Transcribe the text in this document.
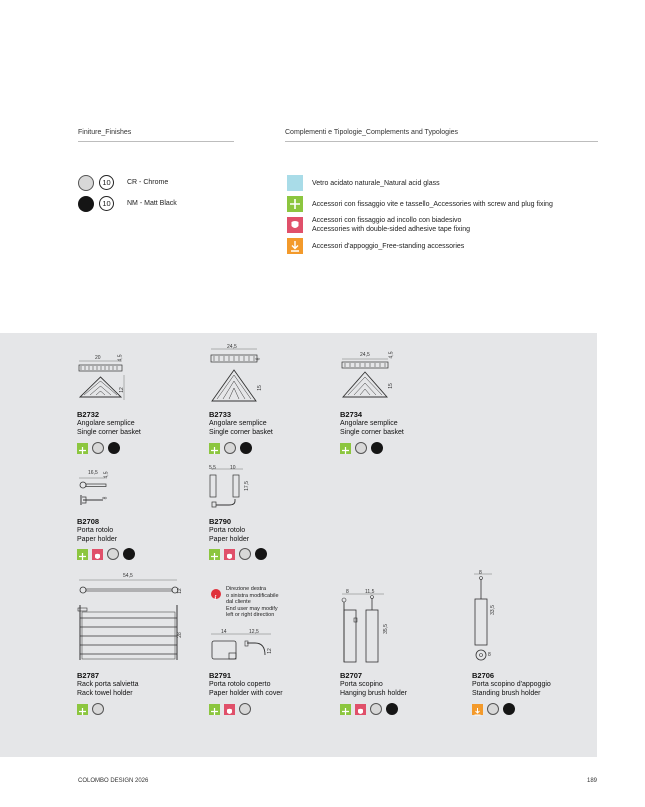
Finiture_Finishes	Complementi e Tipologie_Complements and Typologies
10	CR - Chrome
10	NM - Matt Black
Vetro acidato naturale_Natural acid glass
Accessori con fissaggio vite e tassello_Accessories with screw and plug fixing
Accessori con fissaggio ad incollo con biadesivo
Accessories with double-sided adhesive tape fixing
Accessori d'appoggio_Free-standing accessories
20	4,5
12
B2732
Angolare semplice
Single corner basket
24,5
6
15
B2733
Angolare semplice
Single corner basket
24,5	4,5
15
B2734
Angolare semplice
Single corner basket
16,5 4,5
8
B2708
Porta rotolo
Paper holder
5,5	10
17,5
B2790
Porta rotolo
Paper holder
54,5
12
28
B2787
Rack porta salvietta
Rack towel holder
i
Direzione destra
o sinistra modificabile
dal cliente
End user may modify
left or right direction
14	12,5
12
B2791
Porta rotolo coperto
Paper holder with cover
8	11,5
35,5
B2707
Porta scopino
Hanging brush holder
8
33,5
8
B2706
Porta scopino d'appoggio
Standing brush holder
COLOMBO DESIGN 2026	189
